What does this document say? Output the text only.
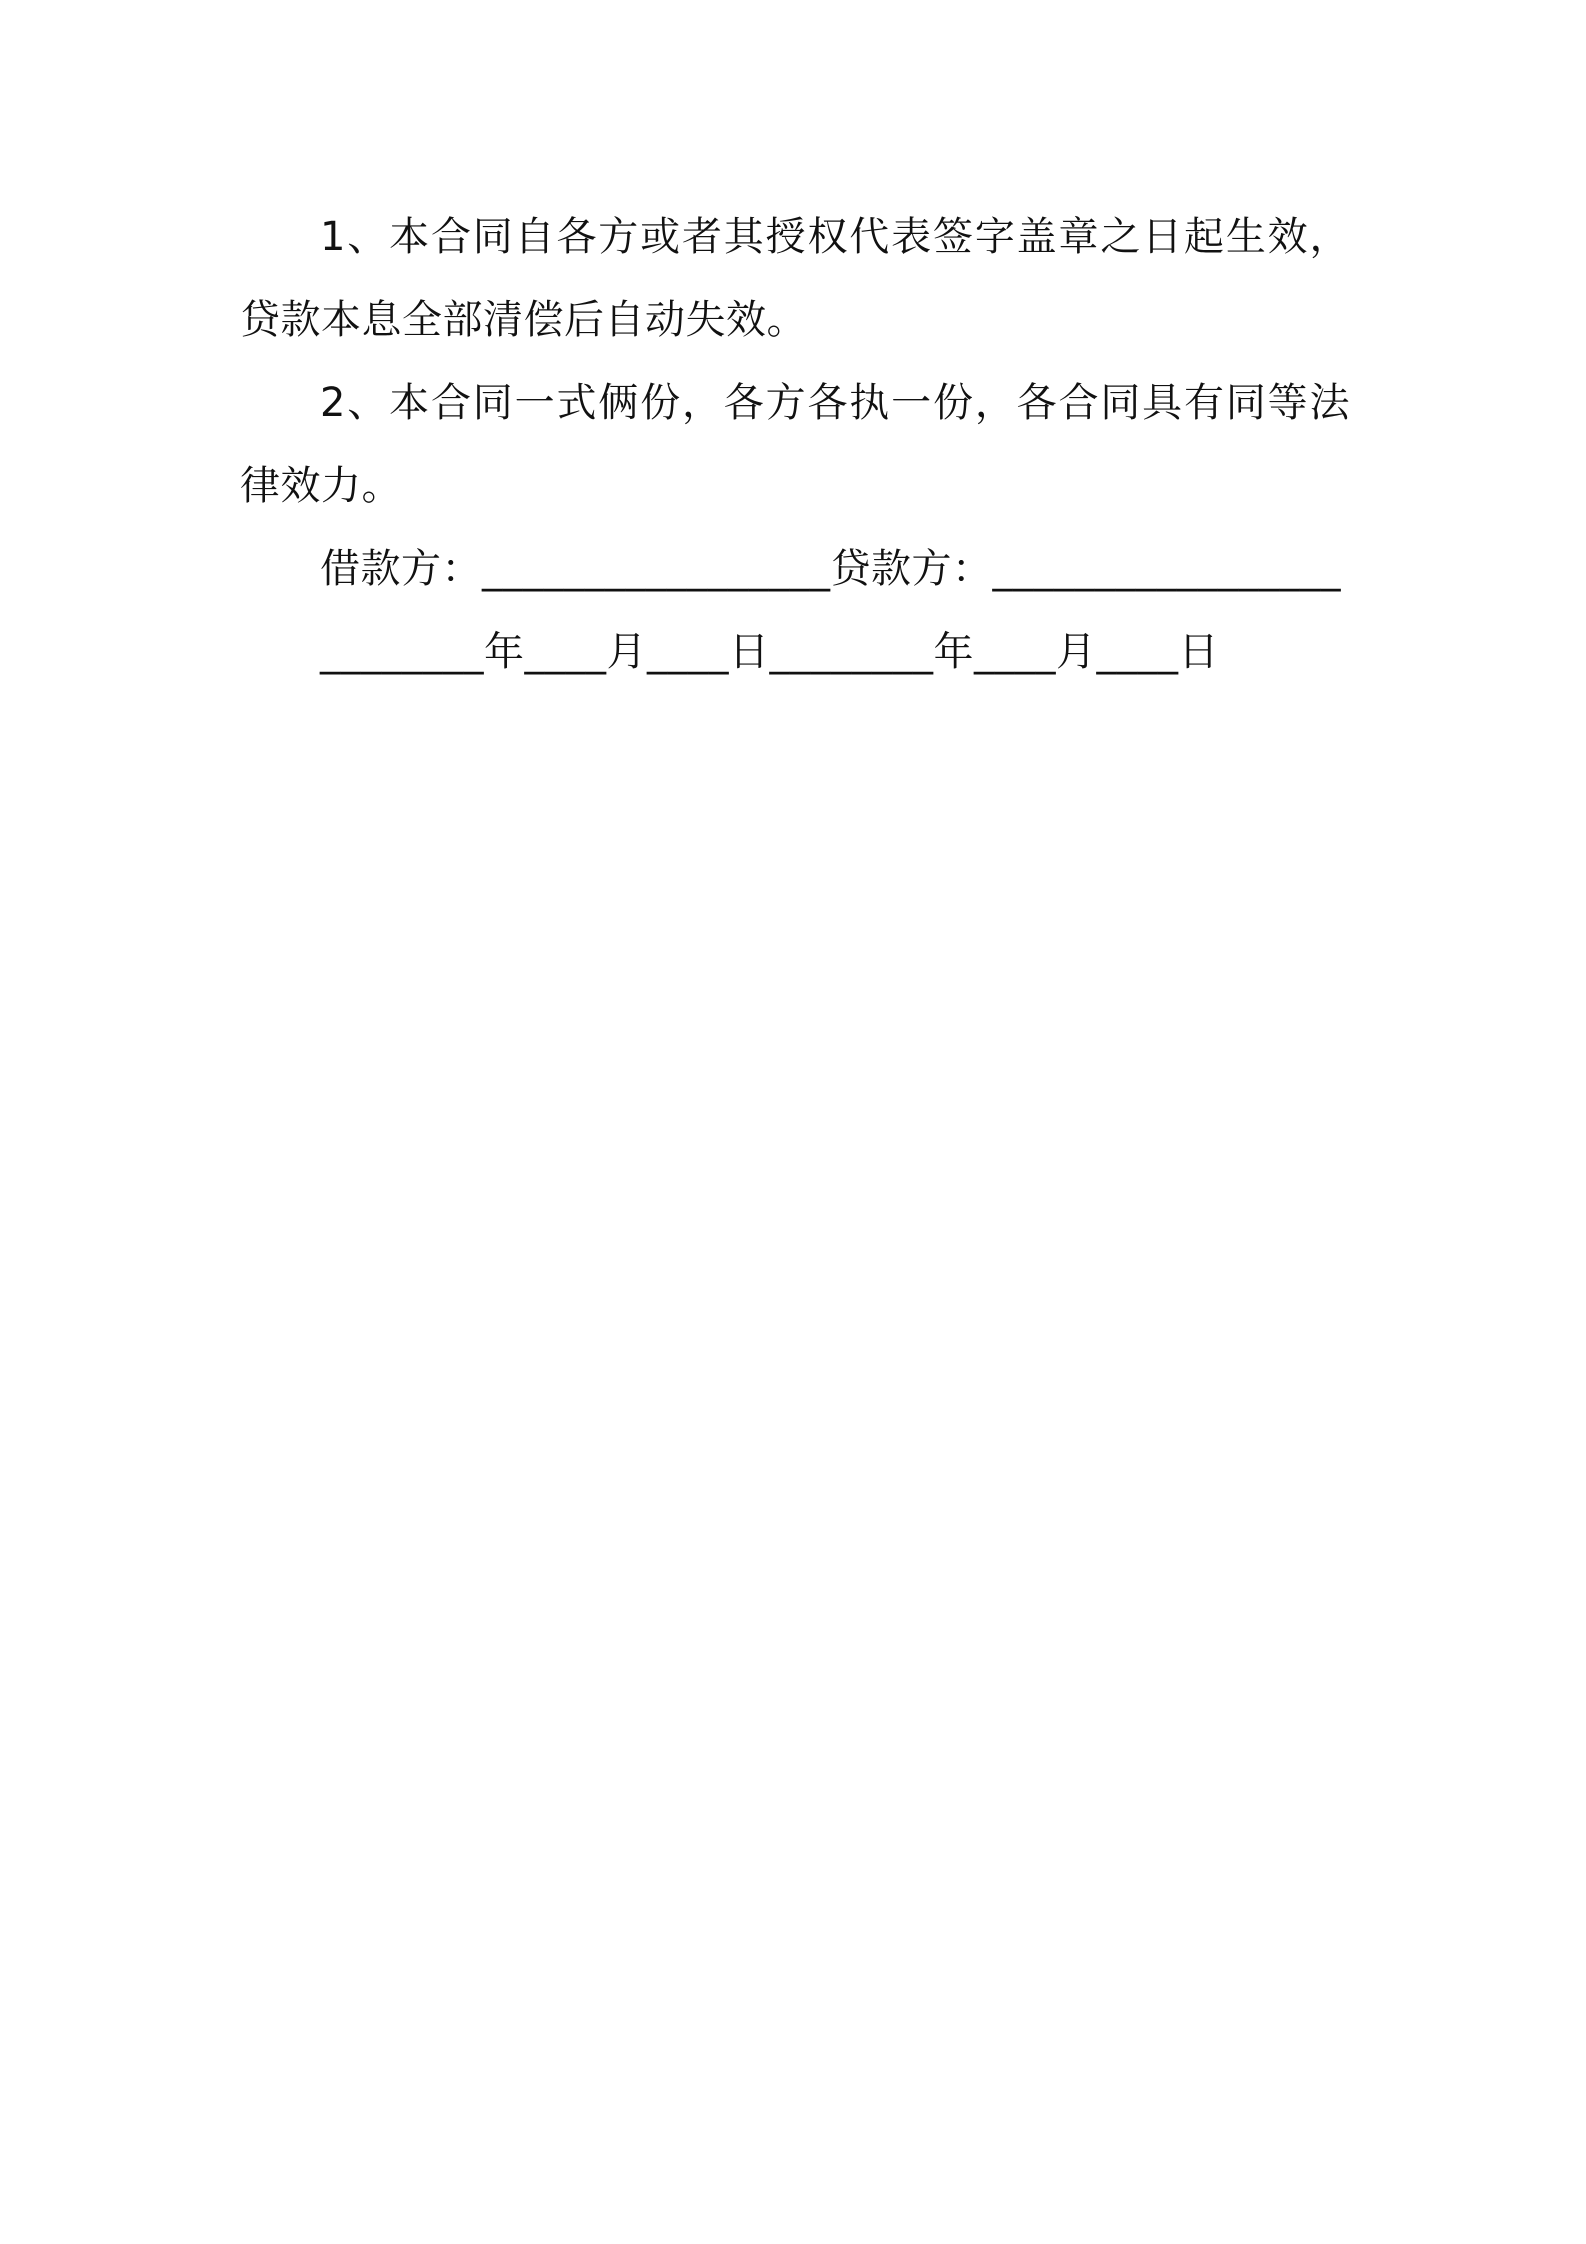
1、本合同自各方或者其授权代表签字盖章之日起生效，贷款本息全部清偿后自动失效。

2、本合同一式俩份，各方各执一份，各合同具有同等法律效力。

借款方：_________________贷款方：_________________

________年____月____日________年____月____日
